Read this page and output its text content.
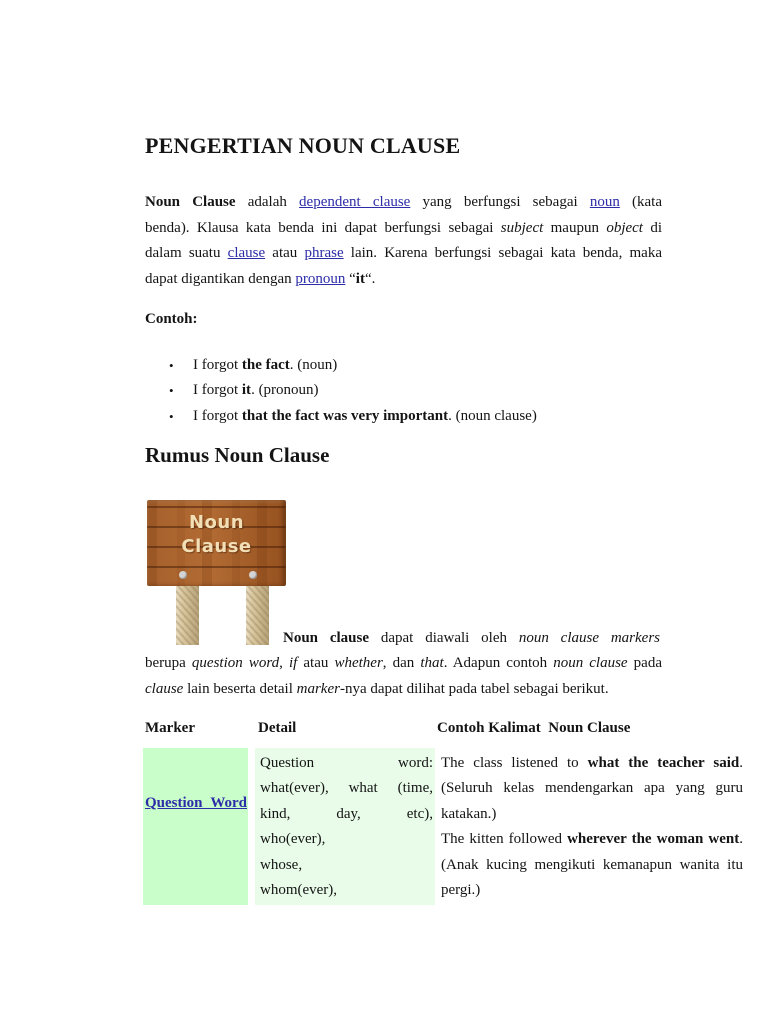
PENGERTIAN NOUN CLAUSE
Noun Clause adalah dependent clause yang berfungsi sebagai noun (kata
benda). Klausa kata benda ini dapat berfungsi sebagai subject maupun object di
dalam suatu clause atau phrase lain. Karena berfungsi sebagai kata benda, maka
dapat digantikan dengan pronoun “it“.
Contoh:
• I forgot the fact. (noun)
• I forgot it. (pronoun)
• I forgot that the fact was very important. (noun clause)
Rumus Noun Clause
Noun
Clause
Noun clause dapat diawali oleh noun clause markers
berupa question word, if atau whether, dan that. Adapun contoh noun clause pada
clause lain beserta detail marker-nya dapat dilihat pada tabel sebagai berikut.
Marker	Detail	Contoh Kalimat  Noun Clause
Question Word
Question word:
what(ever), what (time,
kind, day, etc),
who(ever),
whose,
whom(ever),
The class listened to what the teacher said.
(Seluruh kelas mendengarkan apa yang guru
katakan.)
The kitten followed wherever the woman went.
(Anak kucing mengikuti kemanapun wanita itu
pergi.)
